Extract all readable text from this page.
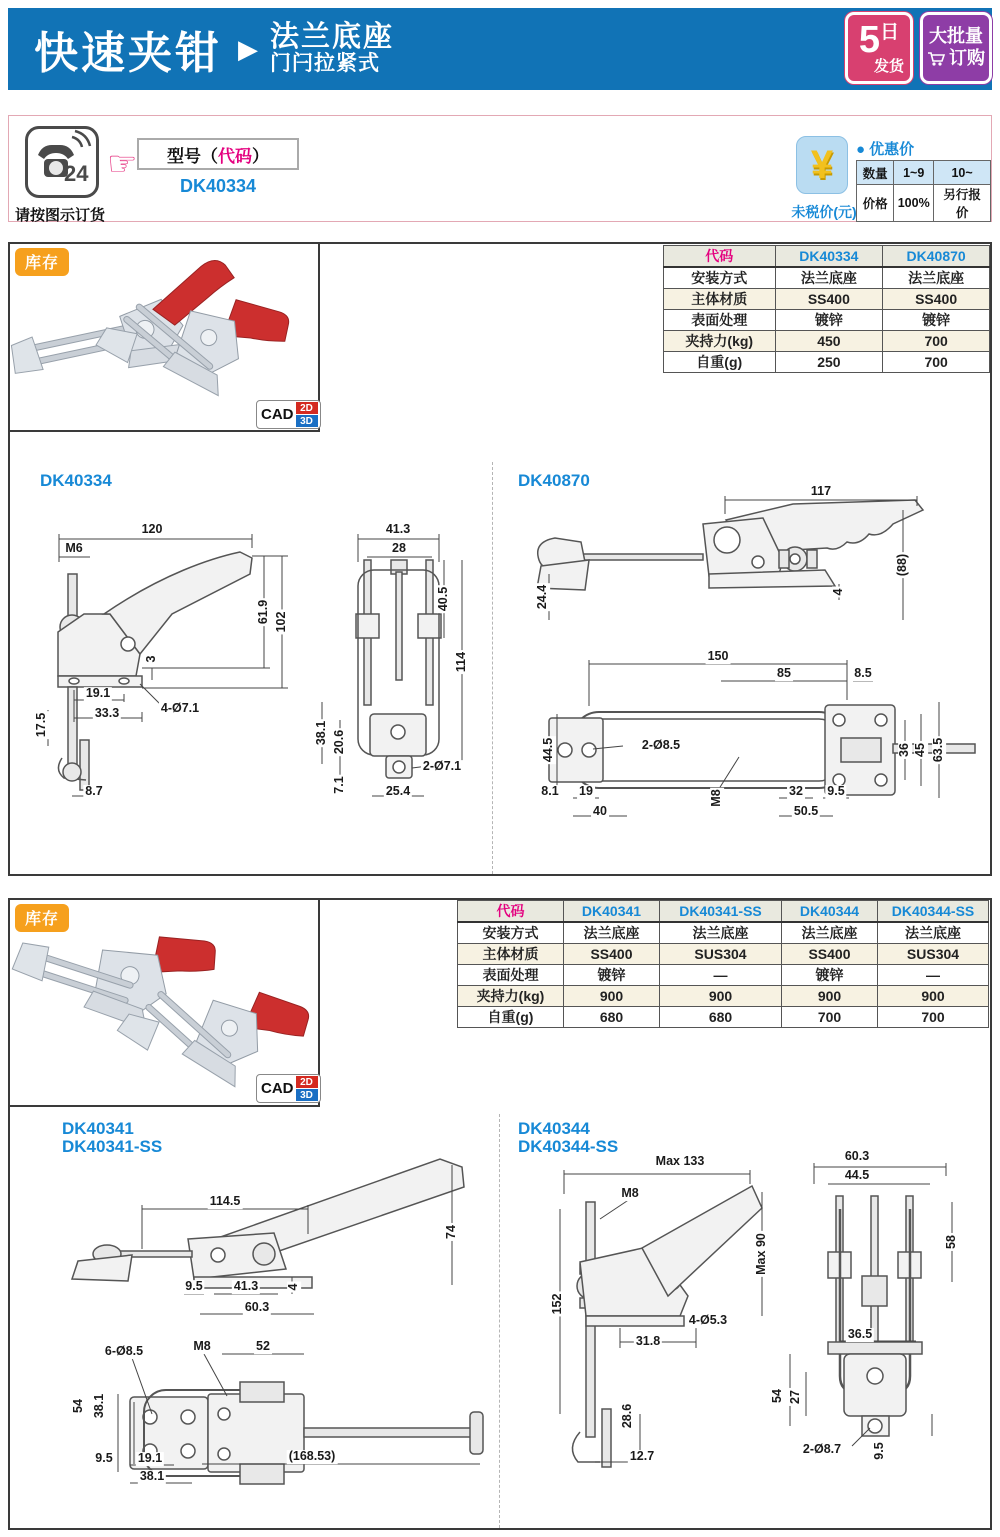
快速夹钳 ▶ 法兰底座
门闩拉紧式
5 日
发货
大批量
订购
24
请按图示订货
☞ 型号（ 代码 ）
DK40334	¥
未税价(元)
● 优惠价
数量	1~9	10~
价格	100%	另行报价
库存
CAD 2D
3D
代码	DK40334	DK40870
安装方式	法兰底座	法兰底座
主体材质	SS400	SS400
表面处理	镀锌	镀锌
夹持力(kg)	450	700
自重(g)	250	700
DK40334
120
M6
61.9 102
3
19.1
33.3	4-Ø7.1
17.5
8.7
41.3
28
40.5
114
38.1 20.6
2-Ø7.1
7.1	25.4
DK40870
117
(88)
24.4	4
150
85	8.5
44.5	2-Ø8.5	36 45 63.5
8.1 19
40
M8	32 9.5
50.5
库存
CAD 2D
3D
代码	DK40341	DK40341-SS	DK40344	DK40344-SS
安装方式	法兰底座	法兰底座	法兰底座	法兰底座
主体材质	SS400	SUS304	SS400	SUS304
表面处理	镀锌	—	镀锌	—
夹持力(kg)	900	900	900	900
自重(g)	680	680	700	700
DK40341
DK40341-SS
114.5
74
9.5 41.3 4
60.3
6-Ø8.5	M8	52
54 38.1
9.5 19.1
38.1
(168.53)
DK40344
DK40344-SS
Max 133
M8
60.3
44.5
152
Max 90	58
4-Ø5.3
31.8	36.5
54 27
28.6
12.7	2-Ø8.7 9.5
